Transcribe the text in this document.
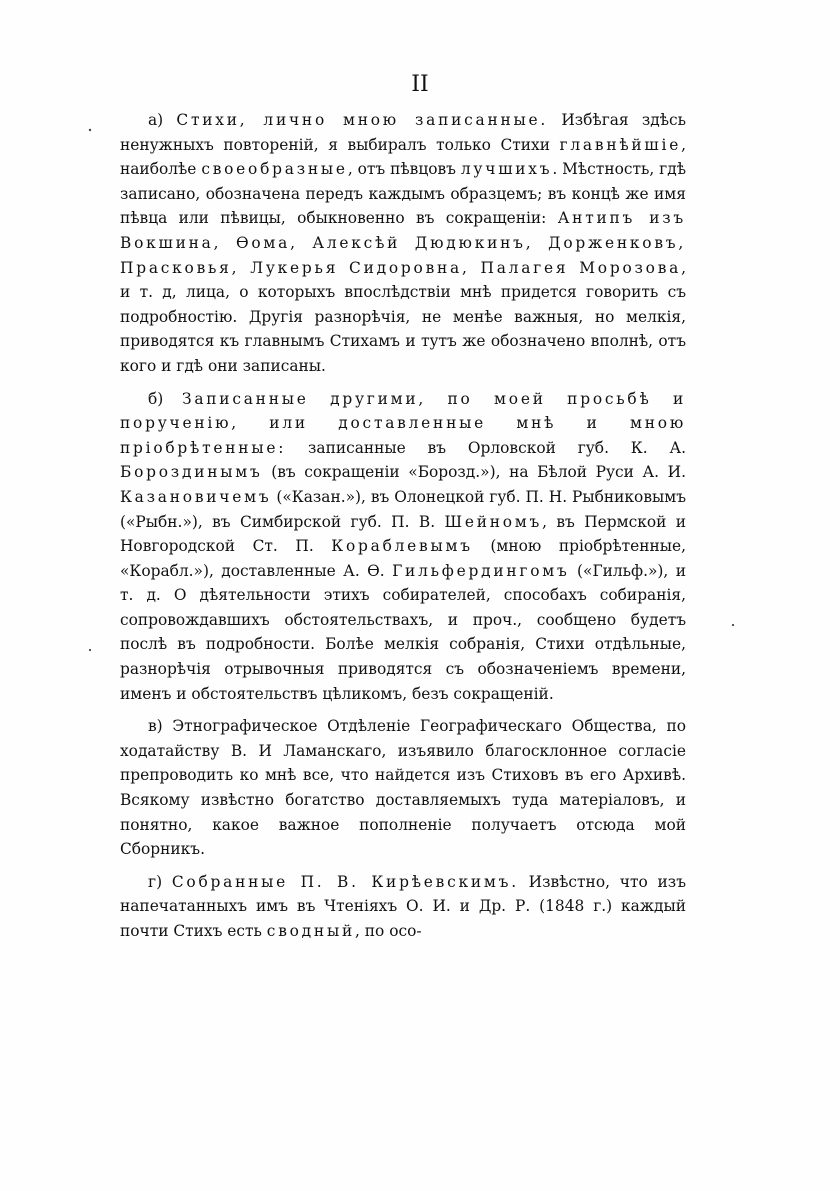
II

а) Стихи, лично мною записанные. Избѣгая здѣсь ненужныхъ повтореній, я выбиралъ только Стихи главнѣйшіе, наиболѣе своеобразные, отъ пѣвцовъ лучшихъ. Мѣстность, гдѣ записано, обозначена передъ каждымъ образцемъ; въ концѣ же имя пѣвца или пѣвицы, обыкновенно въ сокращеніи: Антипъ изъ Вокшина, Ѳома, Алексѣй Дюдюкинъ, Дорженковъ, Прасковья, Лукерья Сидоровна, Палагея Морозова, и т. д, лица, о которыхъ впослѣдствіи мнѣ придется говорить съ подробностію. Другія разнорѣчія, не менѣе важныя, но мелкія, приводятся къ главнымъ Стихамъ и тутъ же обозначено вполнѣ, отъ кого и гдѣ они записаны.

б) Записанные другими, по моей просьбѣ и порученію, или доставленные мнѣ и мною пріобрѣтенные: записанные въ Орловской губ. К. А. Бороздинымъ (въ сокращеніи «Борозд.»), на Бѣлой Руси А. И. Казановичемъ («Казан.»), въ Олонецкой губ. П. Н. Рыбниковымъ («Рыбн.»), въ Симбирской губ. П. В. Шейномъ, въ Пермской и Новгородской Ст. П. Кораблевымъ (мною пріобрѣтенные, «Корабл.»), доставленные А. Ѳ. Гильфердингомъ («Гильф.»), и т. д. О дѣятельности этихъ собирателей, способахъ собиранія, сопровождавшихъ обстоятельствахъ, и проч., сообщено будетъ послѣ въ подробности. Болѣе мелкія собранія, Стихи отдѣльные, разнорѣчія отрывочныя приводятся съ обозначеніемъ времени, именъ и обстоятельствъ цѣликомъ, безъ сокращеній.

в) Этнографическое Отдѣленіе Географическаго Общества, по ходатайству В. И Ламанскаго, изъявило благосклонное согласіе препроводить ко мнѣ все, что найдется изъ Стиховъ въ его Архивѣ. Всякому извѣстно богатство доставляемыхъ туда матеріаловъ, и понятно, какое важное пополненіе получаетъ отсюда мой Сборникъ.

г) Собранные П. В. Кирѣевскимъ. Извѣстно, что изъ напечатанныхъ имъ въ Чтеніяхъ О. И. и Др. Р. (1848 г.) каждый почти Стихъ есть сводный, по осо-
